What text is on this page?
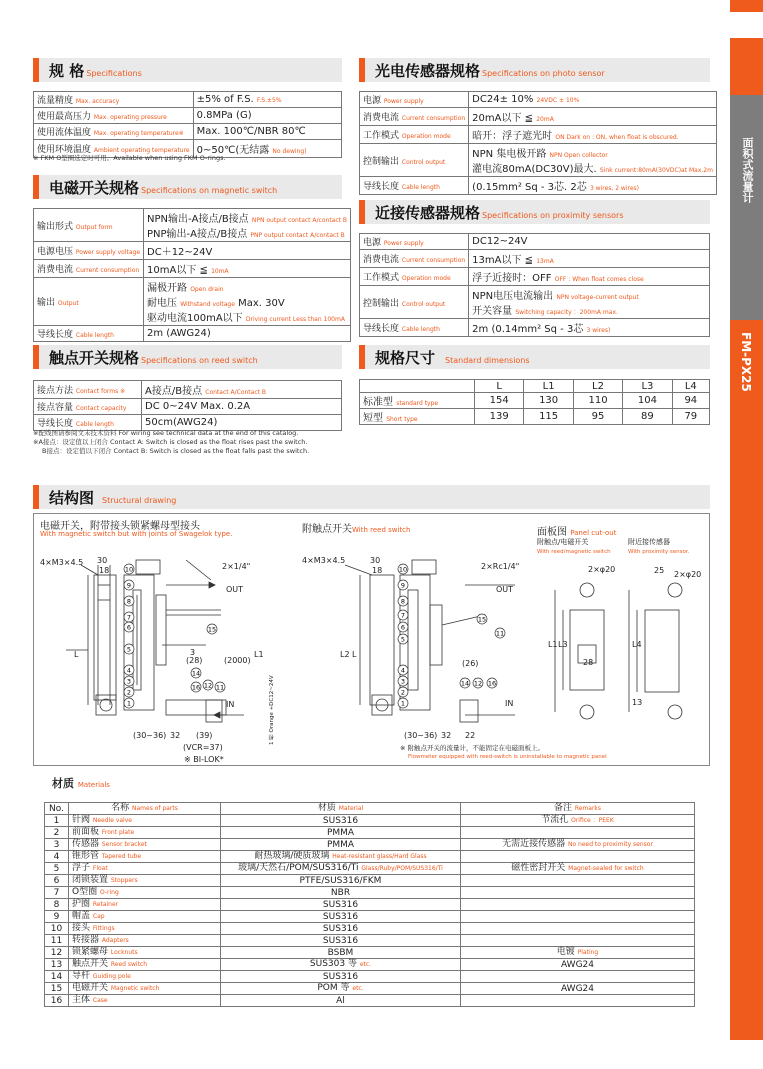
面积式流量计
FM-PX25
规 格 Specifications
流量精度 Max. accuracy	±5% of F.S. F.S.±5%
使用最高压力 Max. operating pressure	0.8MPa (G)
使用流体温度 Max. operating temperature※	Max. 100℃/NBR 80℃
使用环境温度 Ambient operating temperature	0~50℃(无结露 No dewing)
※ FKM O型圈选定时可用。Available when using FKM O-rings.
电磁开关规格 Specifications on magnetic switch
输出形式 Output form	NPN输出-A接点/B接点 NPN output contact A/contact B
PNP输出-A接点/B接点 PNP output contact A/contact B

电源电压 Power supply voltage	DC＋12~24V

消费电流 Current consumption	10mA以下 ≦ 10mA

输出 Output	漏极开路 Open drain
耐电压 Withstand voltage Max. 30V
驱动电流100mA以下 Driving current Less than 100mA

导线长度 Cable length	2m (AWG24)
触点开关规格 Specifications on reed switch
接点方法 Contact forms ※	A接点/B接点 Contact A/Contact B
接点容量 Contact capacity	DC 0~24V Max. 0.2A
导线长度 Cable length	50cm(AWG24)
※配线图请参阅文末技术资料 For wiring see technical data at the end of this catalog.
※A接点：设定值以上闭合 Contact A: Switch is closed as the float rises past the switch.
B接点：设定值以下闭合 Contact B: Switch is closed as the float falls past the switch.
光电传感器规格 Specifications on photo sensor
电源 Power supply	DC24± 10% 24VDC ± 10%

消费电流 Current consumption	20mA以下 ≦ 20mA

工作模式 Operation mode	暗开：浮子遮光时 ON Dark on : ON, when float is obscured.

控制输出 Control output	NPN 集电极开路 NPN Open collector
灌电流80mA(DC30V)最大. Sink current:80mA(30VDC)at Max.2m

导线长度 Cable length	(0.15mm² Sq - 3芯. 2芯 3 wires, 2 wires)
近接传感器规格 Specifications on proximity sensors
电源 Power supply	DC12~24V

消费电流 Current consumption	13mA以下 ≦ 13mA

工作模式 Operation mode	浮子近接时：OFF OFF : When float comes close

控制输出 Control output	NPN电压电流输出 NPN voltage-current output
开关容量 Switching capacity ：200mA max.

导线长度 Cable length	2m (0.14mm² Sq - 3芯 3 wires)
规格尺寸 Standard dimensions
	L	L1	L2	L3	L4
标准型 standard type	154	130	110	104	94
短型 Short type	139	115	95	89	79
结构图 Structural drawing
电磁开关，附带接头锁紧螺母型接头
With magnetic switch but with joints of Swagelok type.	附触点开关With reed switch	面板图 Panel cut-out
附触点/电磁开关	附近接传感器
With reed/magnetic switch	With proximity sensor.
10
9
8
7
6
5
4
3
2
1
15
14
12
16 11
4×M3×4.5 30
18	2×1/4"
OUT
IN
L	L1
(28)
3
(2000)
1 橙 Orange +DC12~24V
(30~36) 32 (39)
(VCR=37)
※ BI-LOK*
10
9
8
7
6
5
4
3
2
1
15
14 12 16
11
4×M3×4.5	30
18	2×Rc1/4"
OUT
IN
L2 L
(26)
(30~36) 32 22
※ 附触点开关的流量计，不能固定在电磁面板上。
Flowmeter equipped with reed-switch is uninstallable to magnetic panel
2×φ20	25 2×φ20
L1 L3
28
L4
13
材质 Materials
No.	名称 Names of parts	材质 Material	备注 Remarks
1	针阀 Needle valve	SUS316	节流孔 Orifice ：PEEK
2	前面板 Front plate	PMMA	
3	传感器 Sensor bracket	PMMA	无需近接传感器 No need to proximity sensor
4	锥形管 Tapered tube	耐热玻璃/硬质玻璃 Heat-resistant glass/Hard Glass	
5	浮子 Float	玻璃/天然石/POM/SUS316/Ti Glass/Ruby/POM/SUS316/Ti	磁性密封开关 Magnet-sealed for switch
6	闭锁装置 Stoppers	PTFE/SUS316/FKM	
7	O型圈 O-ring	NBR	
8	护圈 Retainer	SUS316	
9	帽盖 Cap	SUS316	
10	接头 Fittings	SUS316	
11	转接器 Adapters	SUS316	
12	锁紧螺母 Locknuts	BSBM	电镀 Plating
13	触点开关 Reed switch	SUS303 等 etc.	AWG24
14	导杆 Guiding pole	SUS316	
15	电磁开关 Magnetic switch	POM 等 etc.	AWG24
16	主体 Case	Al	
